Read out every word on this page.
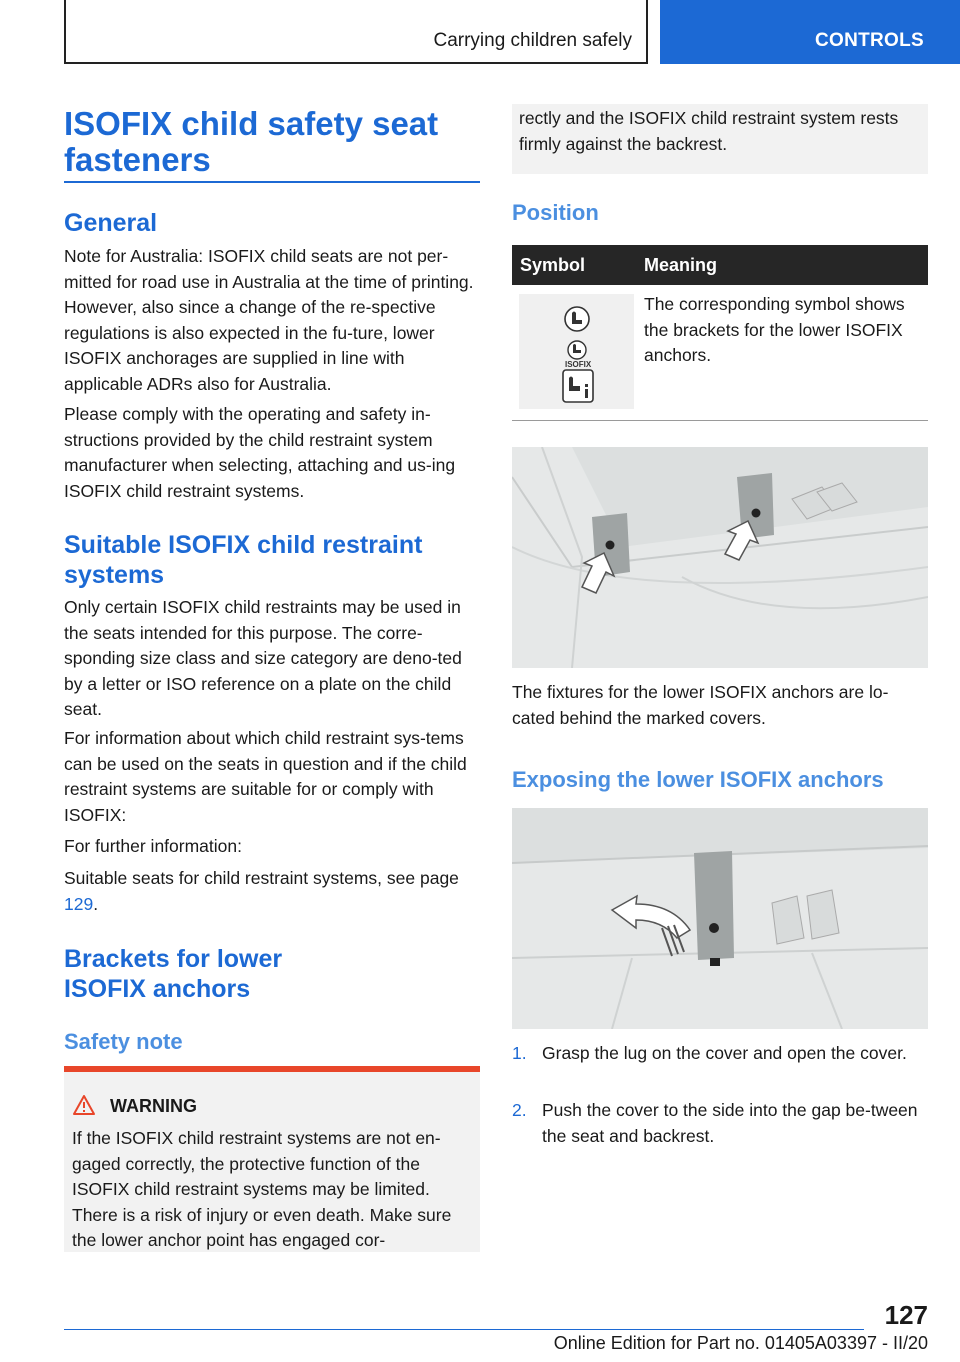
Carrying children safely	CONTROLS
ISOFIX child safety seat
fasteners
General
Note for Australia: ISOFIX child seats are not per-mitted for road use in Australia at the time of printing. However, also since a change of the re-spective regulations is also expected in the fu-ture, lower ISOFIX anchorages are supplied in line with applicable ADRs also for Australia.
Please comply with the operating and safety in-structions provided by the child restraint system manufacturer when selecting, attaching and us-ing ISOFIX child restraint systems.
Suitable ISOFIX child restraint
systems
Only certain ISOFIX child restraints may be used in the seats intended for this purpose. The corre-sponding size class and size category are deno-ted by a letter or ISO reference on a plate on the child seat.
For information about which child restraint sys-tems can be used on the seats in question and if the child restraint systems are suitable for or comply with ISOFIX:
For further information:
Suitable seats for child restraint systems, see page 129.
Brackets for lower
ISOFIX anchors
Safety note
WARNING
If the ISOFIX child restraint systems are not en-gaged correctly, the protective function of the ISOFIX child restraint systems may be limited. There is a risk of injury or even death. Make sure the lower anchor point has engaged cor-
rectly and the ISOFIX child restraint system rests firmly against the backrest.
Position
Symbol	Meaning
ISOFIX
The corresponding symbol shows the brackets for the lower ISOFIX anchors.
The fixtures for the lower ISOFIX anchors are lo-cated behind the marked covers.
Exposing the lower ISOFIX anchors
1. Grasp the lug on the cover and open the cover.
2. Push the cover to the side into the gap be-tween the seat and backrest.
127
Online Edition for Part no. 01405A03397 - II/20
